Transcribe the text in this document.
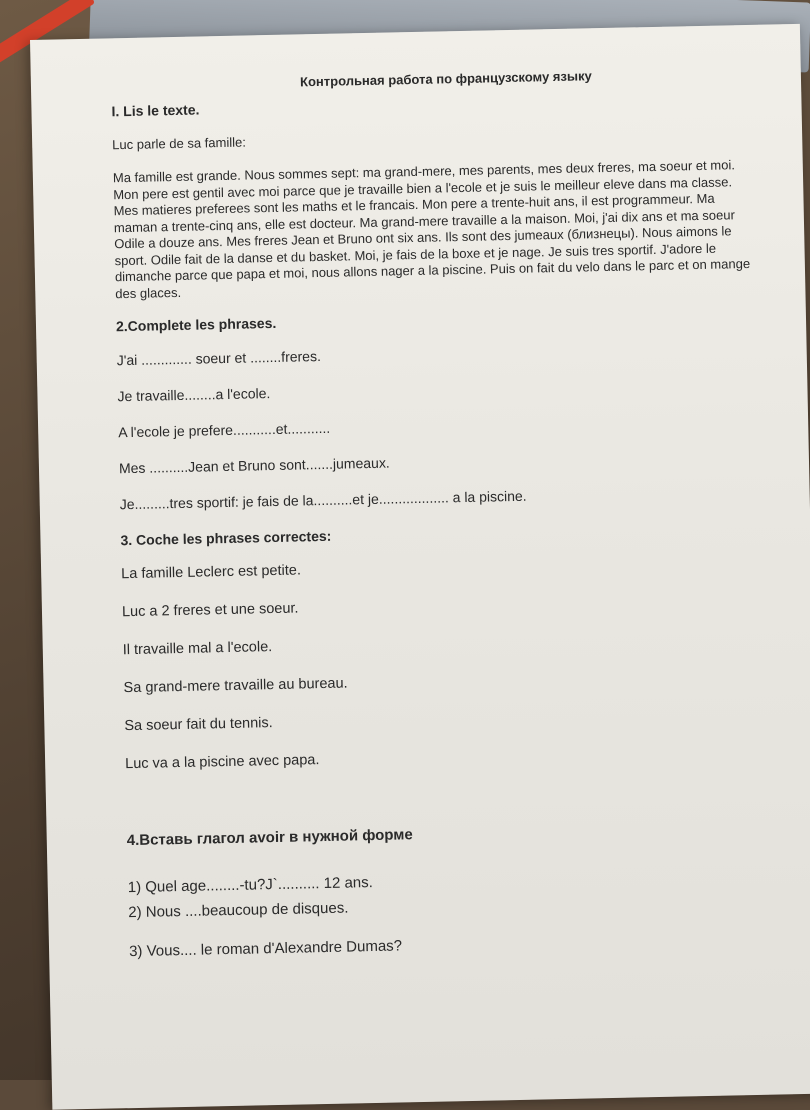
Контрольная работа по французскому языку
I. Lis le texte.
Luc parle de sa famille:
Ma famille est grande. Nous sommes sept: ma grand-mere, mes parents, mes deux freres, ma soeur et moi. Mon pere est gentil avec moi parce que je travaille bien a l'ecole et je suis le meilleur eleve dans ma classe. Mes matieres preferees sont les maths et le francais. Mon pere a trente-huit ans, il est programmeur. Ma maman a trente-cinq ans, elle est docteur. Ma grand-mere travaille a la maison. Moi, j'ai dix ans et ma soeur Odile a douze ans. Mes freres Jean et Bruno ont six ans. Ils sont des jumeaux (близнецы). Nous aimons le sport. Odile fait de la danse et du basket. Moi, je fais de la boxe et je nage. Je suis tres sportif. J'adore le dimanche parce que papa et moi, nous allons nager a la piscine. Puis on fait du velo dans le parc et on mange des glaces.
2.Complete les phrases.
J'ai ............. soeur et ........freres.
Je travaille........a l'ecole.
A l'ecole je prefere...........et...........
Mes ..........Jean et Bruno sont.......jumeaux.
Je.........tres sportif: je fais de la..........et je.................. a la piscine.
3. Coche les phrases correctes:
La famille Leclerc est petite.
Luc a 2 freres et une soeur.
Il travaille mal a l'ecole.
Sa grand-mere travaille au bureau.
Sa soeur fait du tennis.
Luc va a la piscine avec papa.
4.Вставь глагол avoir в нужной форме
1) Quel age........-tu?J`.......... 12 ans.
2) Nous ....beaucoup de disques.
3) Vous.... le roman d'Alexandre Dumas?
